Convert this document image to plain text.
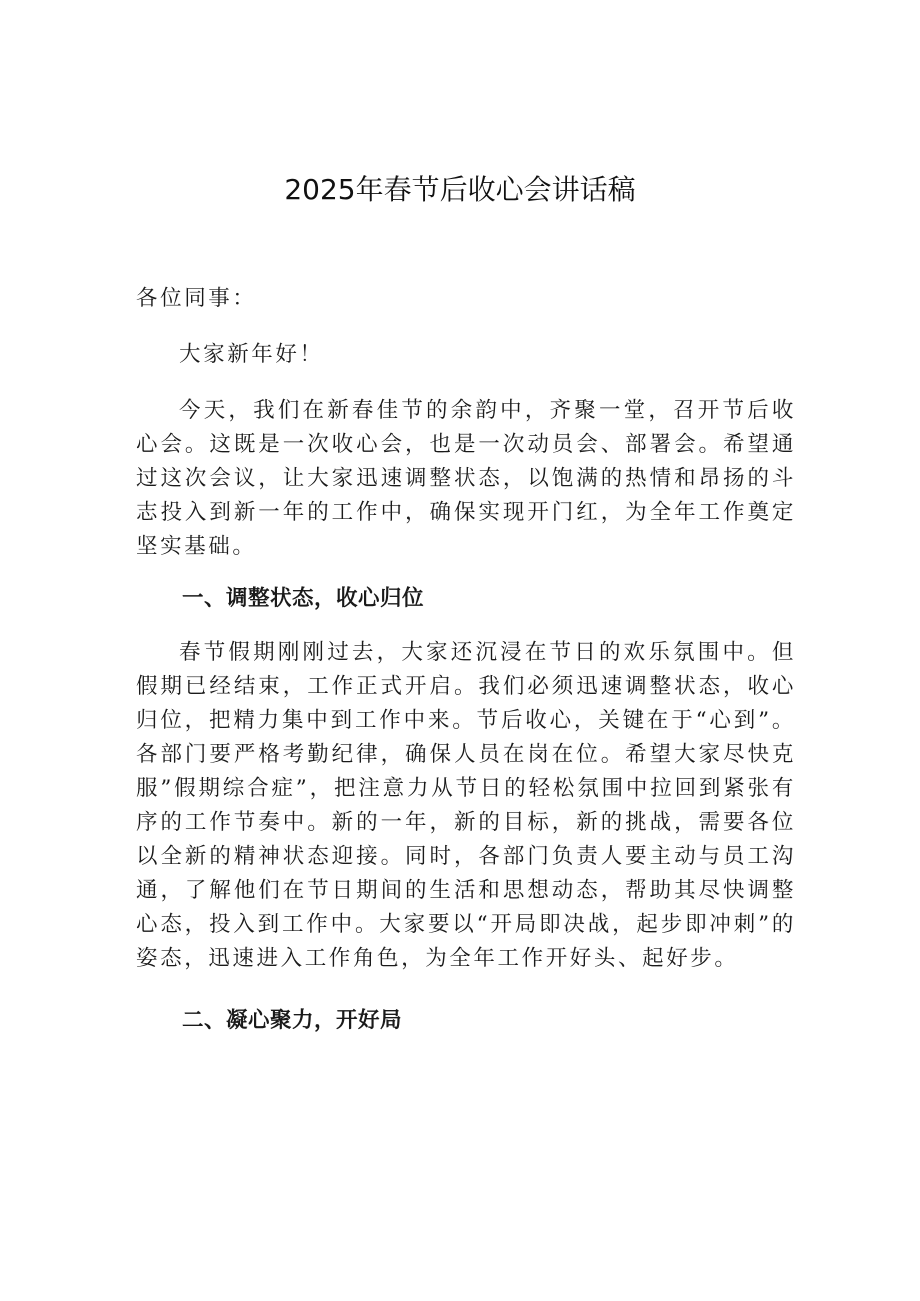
2025年春节后收心会讲话稿

各位同事：

大家新年好！

今天，我们在新春佳节的余韵中，齐聚一堂，召开节后收心会。这既是一次收心会，也是一次动员会、部署会。希望通过这次会议，让大家迅速调整状态，以饱满的热情和昂扬的斗志投入到新一年的工作中，确保实现开门红，为全年工作奠定坚实基础。

一、调整状态，收心归位

春节假期刚刚过去，大家还沉浸在节日的欢乐氛围中。但假期已经结束，工作正式开启。我们必须迅速调整状态，收心归位，把精力集中到工作中来。节后收心，关键在于“心到”。各部门要严格考勤纪律，确保人员在岗在位。希望大家尽快克服”假期综合症”，把注意力从节日的轻松氛围中拉回到紧张有序的工作节奏中。新的一年，新的目标，新的挑战，需要各位以全新的精神状态迎接。同时，各部门负责人要主动与员工沟通，了解他们在节日期间的生活和思想动态，帮助其尽快调整心态，投入到工作中。大家要以“开局即决战，起步即冲刺”的姿态，迅速进入工作角色，为全年工作开好头、起好步。

二、凝心聚力，开好局
